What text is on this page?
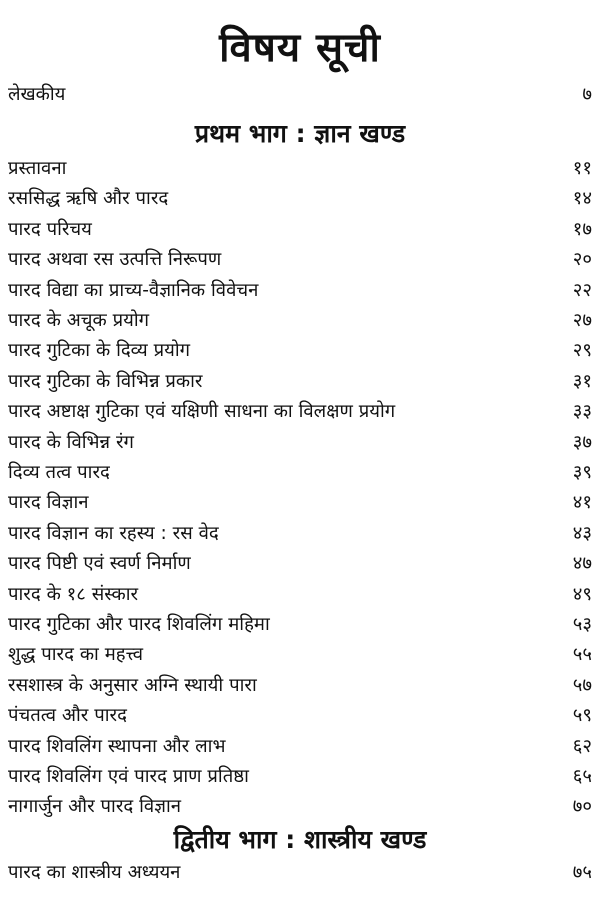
विषय सूची
लेखकीय	७
प्रथम भाग : ज्ञान खण्ड
प्रस्तावना	११
रससिद्ध ऋषि और पारद	१४
पारद परिचय	१७
पारद अथवा रस उत्पत्ति निरूपण	२०
पारद विद्या का प्राच्य-वैज्ञानिक विवेचन	२२
पारद के अचूक प्रयोग	२७
पारद गुटिका के दिव्य प्रयोग	२९
पारद गुटिका के विभिन्न प्रकार	३१
पारद अष्टाक्ष गुटिका एवं यक्षिणी साधना का विलक्षण प्रयोग	३३
पारद के विभिन्न रंग	३७
दिव्य तत्व पारद	३९
पारद विज्ञान	४१
पारद विज्ञान का रहस्य : रस वेद	४३
पारद पिष्टी एवं स्वर्ण निर्माण	४७
पारद के १८ संस्कार	४९
पारद गुटिका और पारद शिवलिंग महिमा	५३
शुद्ध पारद का महत्त्व	५५
रसशास्त्र के अनुसार अग्नि स्थायी पारा	५७
पंचतत्व और पारद	५९
पारद शिवलिंग स्थापना और लाभ	६२
पारद शिवलिंग एवं पारद प्राण प्रतिष्ठा	६५
नागार्जुन और पारद विज्ञान	७०
द्वितीय भाग : शास्त्रीय खण्ड
पारद का शास्त्रीय अध्ययन	७५
